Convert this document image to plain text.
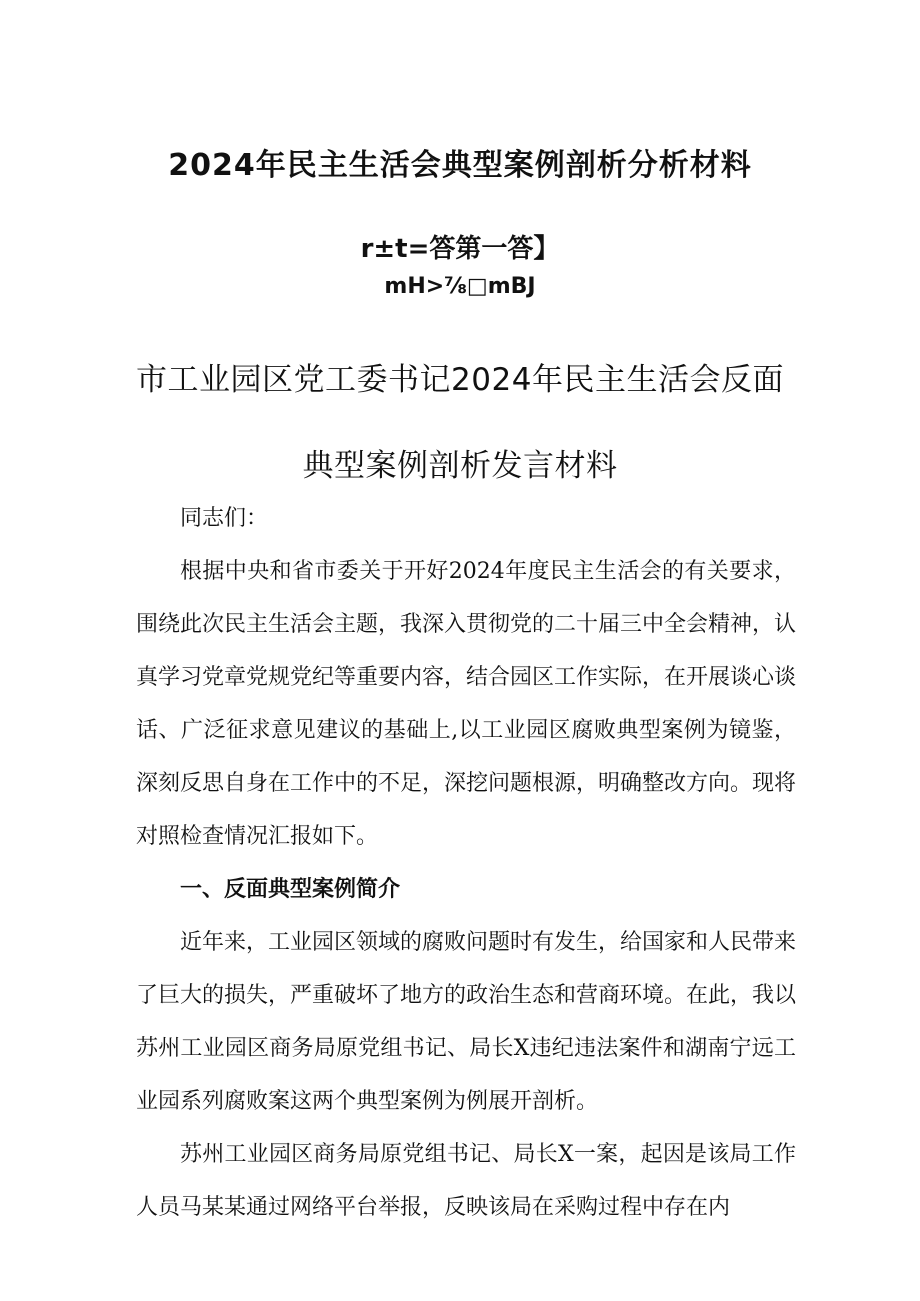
2024年民主生活会典型案例剖析分析材料
r±t=答第一答】
mH>⅞□mBJ
市工业园区党工委书记2024年民主生活会反面
典型案例剖析发言材料

同志们：

根据中央和省市委关于开好2024年度民主生活会的有关要求，围绕此次民主生活会主题，我深入贯彻党的二十届三中全会精神，认真学习党章党规党纪等重要内容，结合园区工作实际，在开展谈心谈话、广泛征求意见建议的基础上,以工业园区腐败典型案例为镜鉴，深刻反思自身在工作中的不足，深挖问题根源，明确整改方向。现将对照检查情况汇报如下。

一、反面典型案例简介

近年来，工业园区领域的腐败问题时有发生，给国家和人民带来了巨大的损失，严重破坏了地方的政治生态和营商环境。在此，我以苏州工业园区商务局原党组书记、局长X违纪违法案件和湖南宁远工业园系列腐败案这两个典型案例为例展开剖析。

苏州工业园区商务局原党组书记、局长X一案，起因是该局工作人员马某某通过网络平台举报，反映该局在采购过程中存在内
